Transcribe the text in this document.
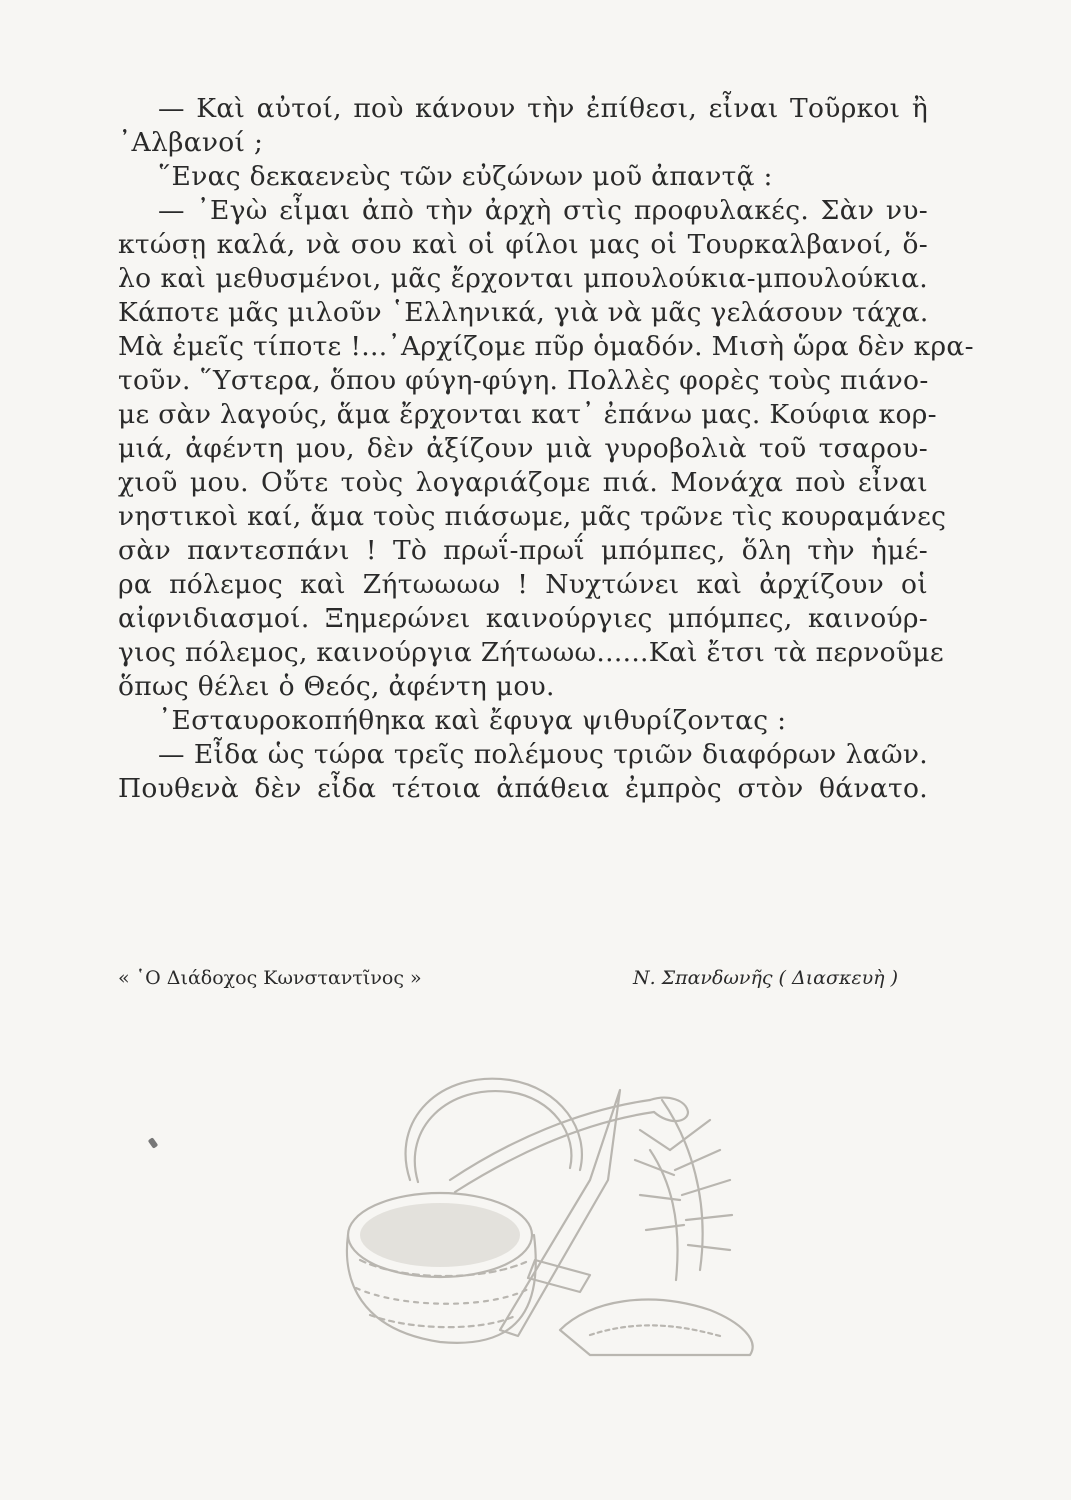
— Καὶ αὐτοί, ποὺ κάνουν τὴν ἐπίθεσι, εἶναι Τοῦρκοι ἢ
᾿Αλβανοί ;
῞Ενας δεκαενεὺς τῶν εὐζώνων μοῦ ἀπαντᾷ :
— ᾿Εγὼ εἶμαι ἀπὸ τὴν ἀρχὴ στὶς προφυλακές. Σὰν νυ-
κτώσῃ καλά, νὰ σου καὶ οἱ φίλοι μας οἱ Τουρκαλβανοί, ὅ-
λο καὶ μεθυσμένοι, μᾶς ἔρχονται μπουλούκια-μπουλούκια.
Κάποτε μᾶς μιλοῦν ῾Ελληνικά, γιὰ νὰ μᾶς γελάσουν τάχα.
Μὰ ἐμεῖς τίποτε !...᾿Αρχίζομε πῦρ ὁμαδόν. Μισὴ ὥρα δὲν κρα-
τοῦν. ῞Υστερα, ὅπου φύγη-φύγη. Πολλὲς φορὲς τοὺς πιάνο-
με σὰν λαγούς, ἅμα ἔρχονται κατ᾿ ἐπάνω μας. Κούφια κορ-
μιά, ἀφέντη μου, δὲν ἀξίζουν μιὰ γυροβολιὰ τοῦ τσαρου-
χιοῦ μου. Οὔτε τοὺς λογαριάζομε πιά. Μονάχα ποὺ εἶναι
νηστικοὶ καί, ἅμα τοὺς πιάσωμε, μᾶς τρῶνε τὶς κουραμάνες
σὰν παντεσπάνι ! Τὸ πρωΐ-πρωΐ μπόμπες, ὅλη τὴν ἡμέ-
ρα πόλεμος καὶ Ζήτωωωω ! Νυχτώνει καὶ ἀρχίζουν οἱ
αἰφνιδιασμοί. Ξημερώνει καινούργιες μπόμπες, καινούρ-
γιος πόλεμος, καινούργια Ζήτωωω......Καὶ ἔτσι τὰ περνοῦμε
ὅπως θέλει ὁ Θεός, ἀφέντη μου.
᾿Εσταυροκοπήθηκα καὶ ἔφυγα ψιθυρίζοντας :
— Εἶδα ὡς τώρα τρεῖς πολέμους τριῶν διαφόρων λαῶν.
Πουθενὰ δὲν εἶδα τέτοια ἀπάθεια ἐμπρὸς στὸν θάνατο.
« ῾Ο Διάδοχος Κωνσταντῖνος »	Ν. Σπανδωνῆς ( Διασκευὴ )
